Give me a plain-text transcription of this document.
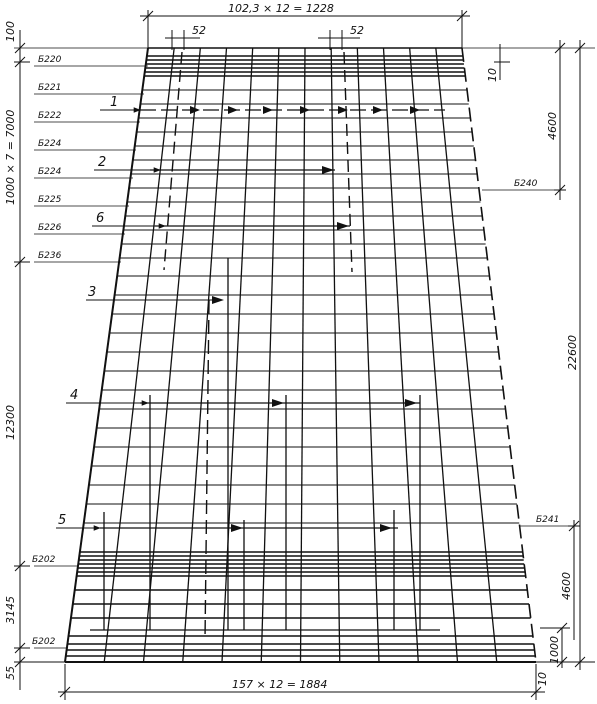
1
2
6
3
4
5
Б220
Б221
Б222
Б224
Б224
Б225
Б226
Б236
Б202
Б202
Б240
Б241
100
1000 × 7 = 7000
12300
3145
55
102,3 × 12 = 1228
52	52
157 × 12 = 1884	10
10
4600
22600
4600
1000
